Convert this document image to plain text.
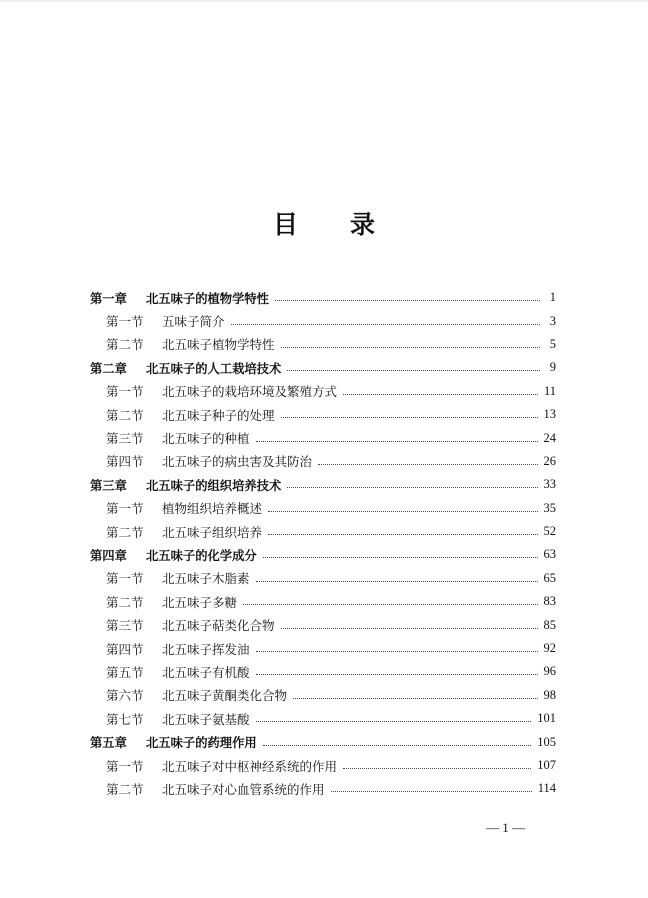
目 录
第一章	北五味子的植物学特性	1
第一节	五味子简介	3
第二节	北五味子植物学特性	5
第二章	北五味子的人工栽培技术	9
第一节	北五味子的栽培环境及繁殖方式	11
第二节	北五味子种子的处理	13
第三节	北五味子的种植	24
第四节	北五味子的病虫害及其防治	26
第三章	北五味子的组织培养技术	33
第一节	植物组织培养概述	35
第二节	北五味子组织培养	52
第四章	北五味子的化学成分	63
第一节	北五味子木脂素	65
第二节	北五味子多糖	83
第三节	北五味子萜类化合物	85
第四节	北五味子挥发油	92
第五节	北五味子有机酸	96
第六节	北五味子黄酮类化合物	98
第七节	北五味子氨基酸	101
第五章	北五味子的药理作用	105
第一节	北五味子对中枢神经系统的作用	107
第二节	北五味子对心血管系统的作用	114
— 1 —
